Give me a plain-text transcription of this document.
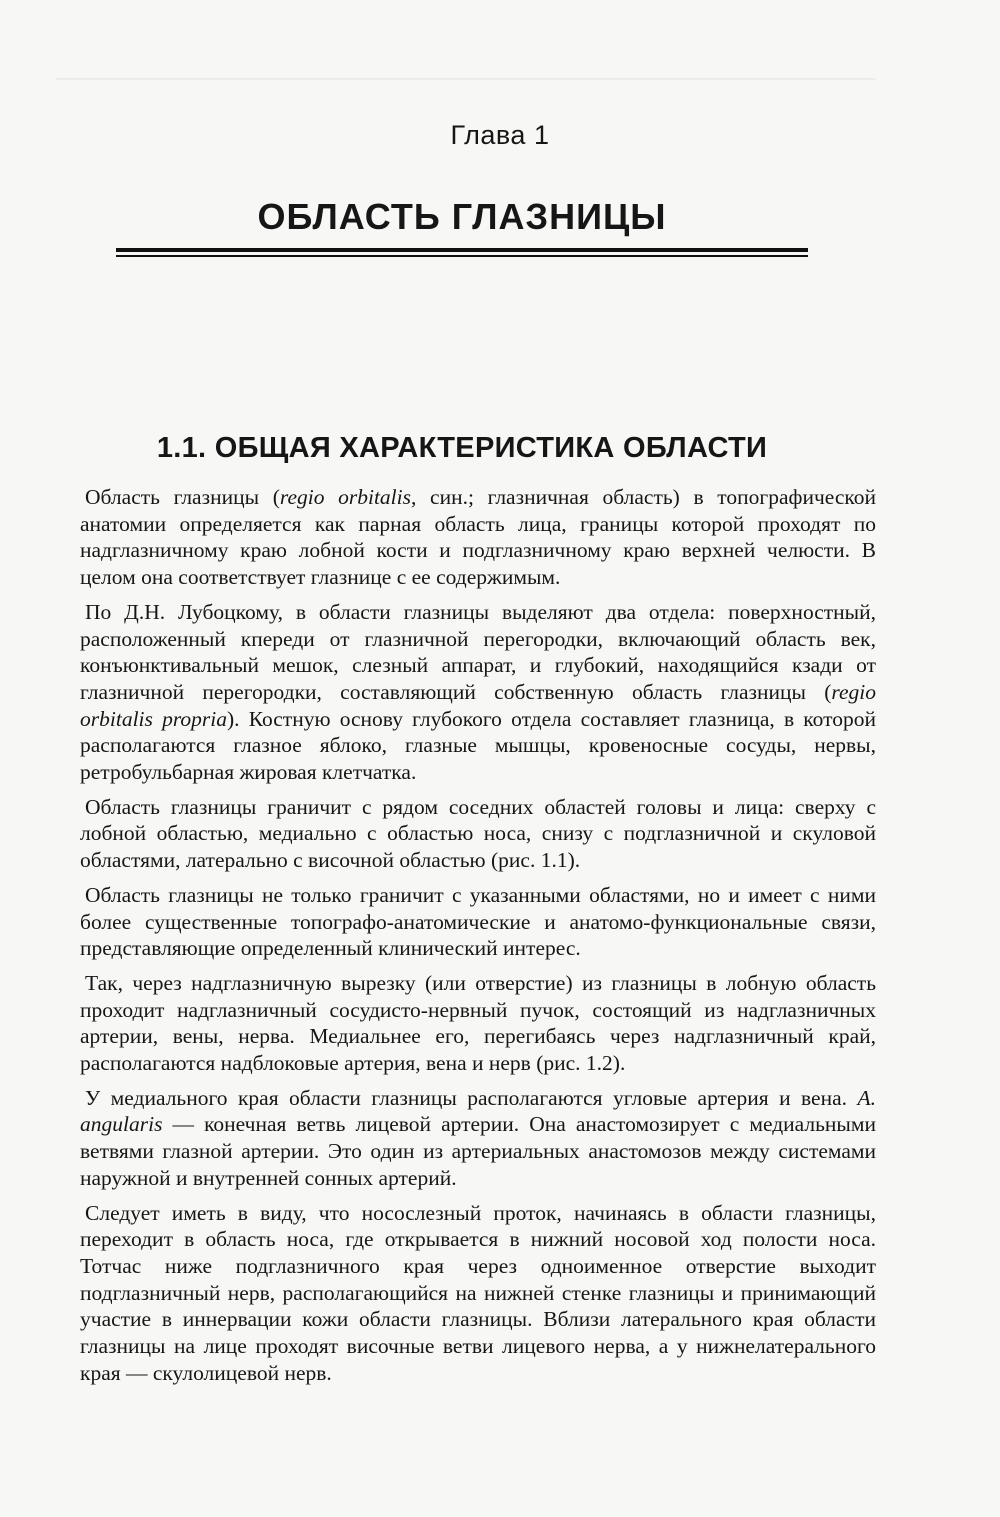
Глава 1
ОБЛАСТЬ ГЛАЗНИЦЫ
1.1. ОБЩАЯ ХАРАКТЕРИСТИКА ОБЛАСТИ

Область глазницы (regio orbitalis, син.; глазничная область) в топографической анатомии определяется как парная область лица, границы которой проходят по надглазничному краю лобной кости и подглазничному краю верхней челюсти. В целом она соответствует глазнице с ее содержимым.

По Д.Н. Лубоцкому, в области глазницы выделяют два отдела: поверхностный, расположенный кпереди от глазничной перегородки, включающий область век, конъюнктивальный мешок, слезный аппарат, и глубокий, находящийся кзади от глазничной перегородки, составляющий собственную область глазницы (regio orbitalis propria). Костную основу глубокого отдела составляет глазница, в которой располагаются глазное яблоко, глазные мышцы, кровеносные сосуды, нервы, ретробульбарная жировая клетчатка.

Область глазницы граничит с рядом соседних областей головы и лица: сверху с лобной областью, медиально с областью носа, снизу с подглазничной и скуловой областями, латерально с височной областью (рис. 1.1).

Область глазницы не только граничит с указанными областями, но и имеет с ними более существенные топографо-анатомические и анатомо-функциональные связи, представляющие определенный клинический интерес.

Так, через надглазничную вырезку (или отверстие) из глазницы в лобную область проходит надглазничный сосудисто-нервный пучок, состоящий из надглазничных артерии, вены, нерва. Медиальнее его, перегибаясь через надглазничный край, располагаются надблоковые артерия, вена и нерв (рис. 1.2).

У медиального края области глазницы располагаются угловые артерия и вена. A. angularis — конечная ветвь лицевой артерии. Она анастомозирует с медиальными ветвями глазной артерии. Это один из артериальных анастомозов между системами наружной и внутренней сонных артерий.

Следует иметь в виду, что носослезный проток, начинаясь в области глазницы, переходит в область носа, где открывается в нижний носовой ход полости носа. Тотчас ниже подглазничного края через одноименное отверстие выходит подглазничный нерв, располагающийся на нижней стенке глазницы и принимающий участие в иннервации кожи области глазницы. Вблизи латерального края области глазницы на лице проходят височные ветви лицевого нерва, а у нижнелатерального края — скулолицевой нерв.
